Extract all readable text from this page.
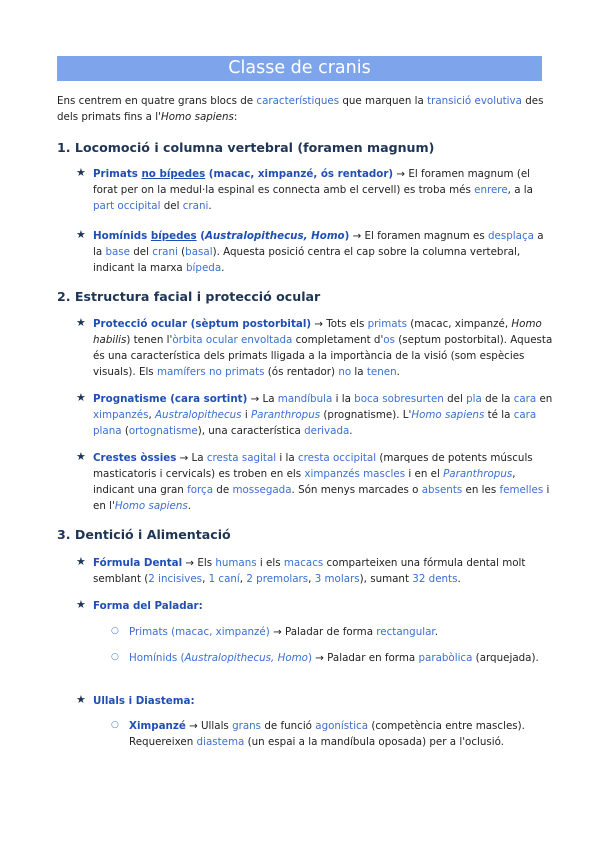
Classe de cranis
Ens centrem en quatre grans blocs de característiques que marquen la transició evolutiva des dels primats fins a l'Homo sapiens:
1. Locomoció i columna vertebral (foramen magnum)
★ Primats no bípedes (macac, ximpanzé, ós rentador) → El foramen magnum (el forat per on la medul·la espinal es connecta amb el cervell) es troba més enrere, a la part occipital del crani.
★ Homínids bípedes (Australopithecus, Homo) → El foramen magnum es desplaça a la base del crani (basal). Aquesta posició centra el cap sobre la columna vertebral, indicant la marxa bípeda.
2. Estructura facial i protecció ocular
★ Protecció ocular (sèptum postorbital) → Tots els primats (macac, ximpanzé, Homo habilis) tenen l'òrbita ocular envoltada completament d'os (septum postorbital). Aquesta és una característica dels primats lligada a la importància de la visió (som espècies visuals). Els mamífers no primats (ós rentador) no la tenen.
★ Prognatisme (cara sortint) → La mandíbula i la boca sobresurten del pla de la cara en ximpanzés, Australopithecus i Paranthropus (prognatisme). L'Homo sapiens té la cara plana (ortognatisme), una característica derivada.
★ Crestes òssies → La cresta sagital i la cresta occipital (marques de potents músculs masticatoris i cervicals) es troben en els ximpanzés mascles i en el Paranthropus, indicant una gran força de mossegada. Són menys marcades o absents en les femelles i en l'Homo sapiens.
3. Dentició i Alimentació
★ Fórmula Dental → Els humans i els macacs comparteixen una fórmula dental molt semblant (2 incisives, 1 caní, 2 premolars, 3 molars), sumant 32 dents.
★ Forma del Paladar:
○ Primats (macac, ximpanzé) → Paladar de forma rectangular.
○ Homínids (Australopithecus, Homo) → Paladar en forma parabòlica (arquejada).
★ Ullals i Diastema:
○ Ximpanzé → Ullals grans de funció agonística (competència entre mascles). Requereixen diastema (un espai a la mandíbula oposada) per a l'oclusió.
